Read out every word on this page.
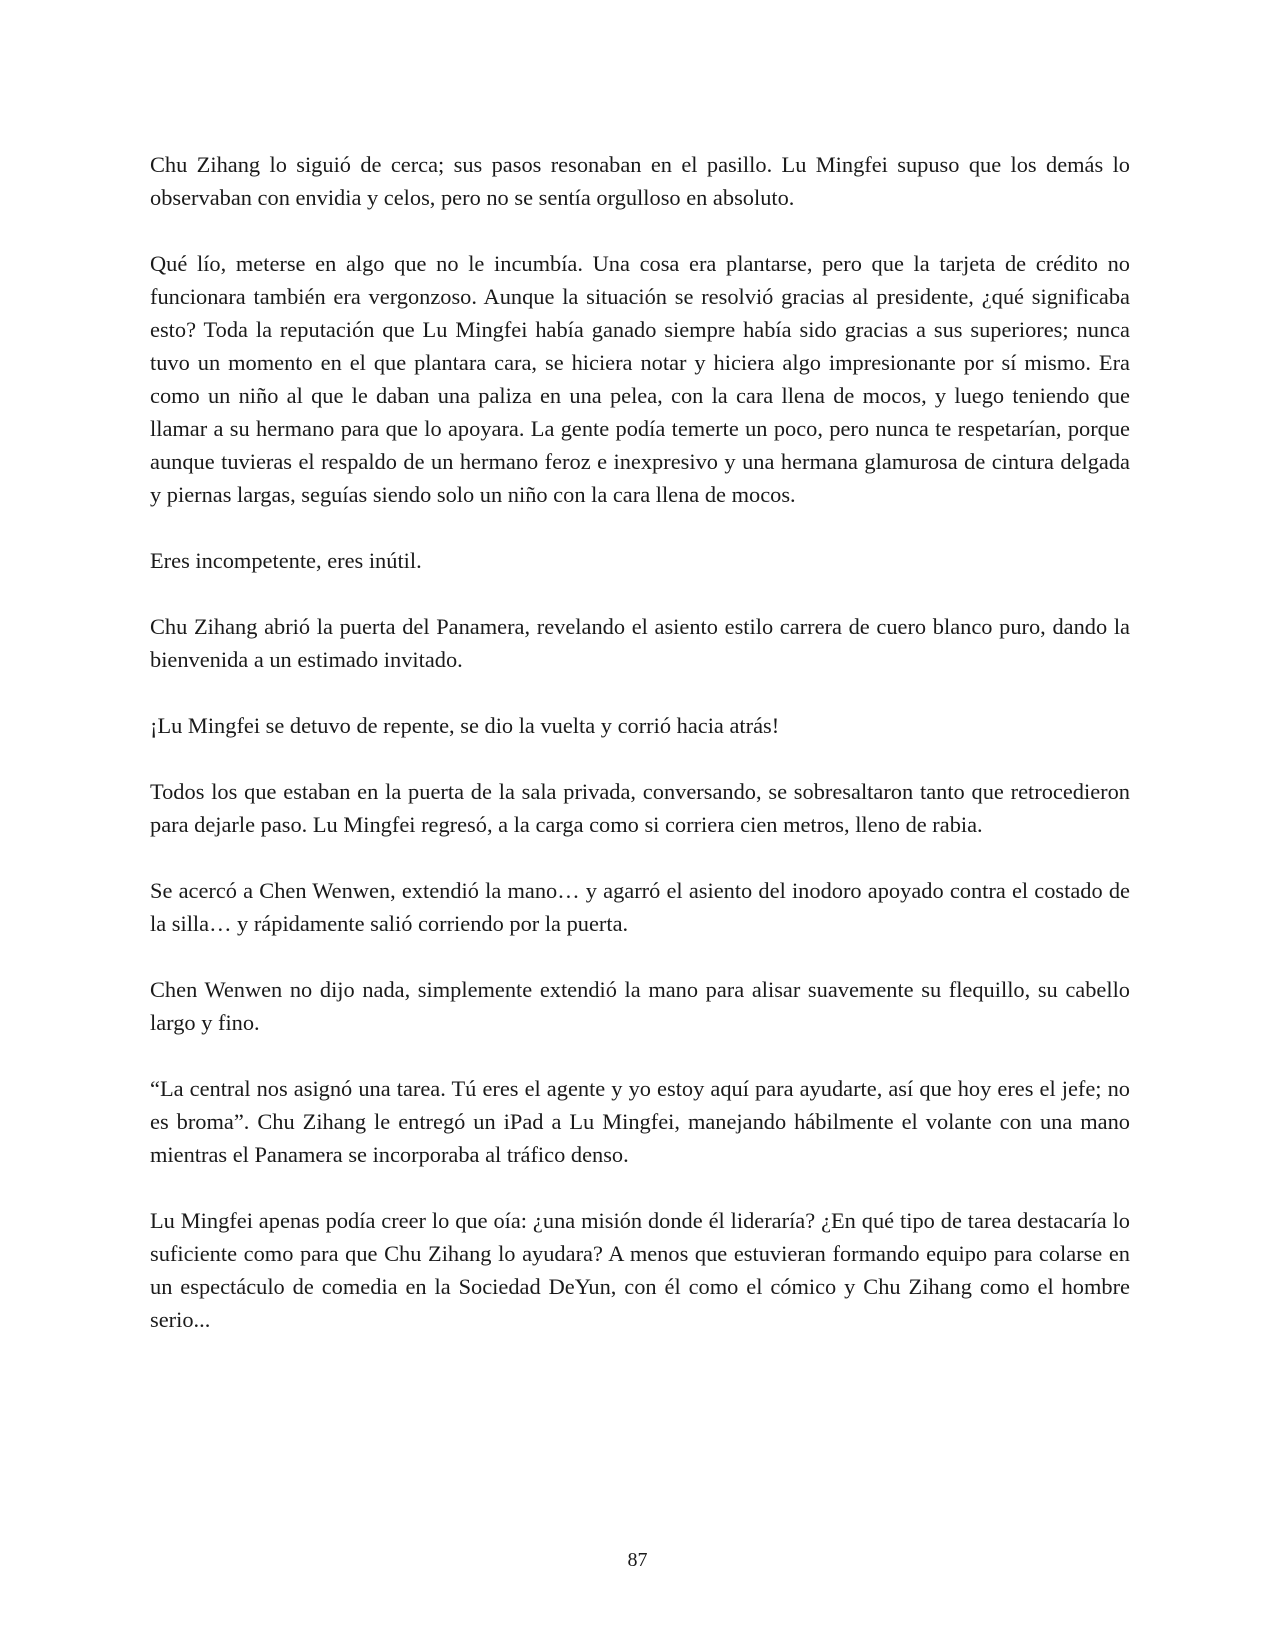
Chu Zihang lo siguió de cerca; sus pasos resonaban en el pasillo. Lu Mingfei supuso que los demás lo observaban con envidia y celos, pero no se sentía orgulloso en absoluto.

Qué lío, meterse en algo que no le incumbía. Una cosa era plantarse, pero que la tarjeta de crédito no funcionara también era vergonzoso. Aunque la situación se resolvió gracias al presidente, ¿qué significaba esto? Toda la reputación que Lu Mingfei había ganado siempre había sido gracias a sus superiores; nunca tuvo un momento en el que plantara cara, se hiciera notar y hiciera algo impresionante por sí mismo. Era como un niño al que le daban una paliza en una pelea, con la cara llena de mocos, y luego teniendo que llamar a su hermano para que lo apoyara. La gente podía temerte un poco, pero nunca te respetarían, porque aunque tuvieras el respaldo de un hermano feroz e inexpresivo y una hermana glamurosa de cintura delgada y piernas largas, seguías siendo solo un niño con la cara llena de mocos.

Eres incompetente, eres inútil.

Chu Zihang abrió la puerta del Panamera, revelando el asiento estilo carrera de cuero blanco puro, dando la bienvenida a un estimado invitado.

¡Lu Mingfei se detuvo de repente, se dio la vuelta y corrió hacia atrás!

Todos los que estaban en la puerta de la sala privada, conversando, se sobresaltaron tanto que retrocedieron para dejarle paso. Lu Mingfei regresó, a la carga como si corriera cien metros, lleno de rabia.

Se acercó a Chen Wenwen, extendió la mano… y agarró el asiento del inodoro apoyado contra el costado de la silla… y rápidamente salió corriendo por la puerta.

Chen Wenwen no dijo nada, simplemente extendió la mano para alisar suavemente su flequillo, su cabello largo y fino.

“La central nos asignó una tarea. Tú eres el agente y yo estoy aquí para ayudarte, así que hoy eres el jefe; no es broma”. Chu Zihang le entregó un iPad a Lu Mingfei, manejando hábilmente el volante con una mano mientras el Panamera se incorporaba al tráfico denso.

Lu Mingfei apenas podía creer lo que oía: ¿una misión donde él lideraría? ¿En qué tipo de tarea destacaría lo suficiente como para que Chu Zihang lo ayudara? A menos que estuvieran formando equipo para colarse en un espectáculo de comedia en la Sociedad DeYun, con él como el cómico y Chu Zihang como el hombre serio...

87
